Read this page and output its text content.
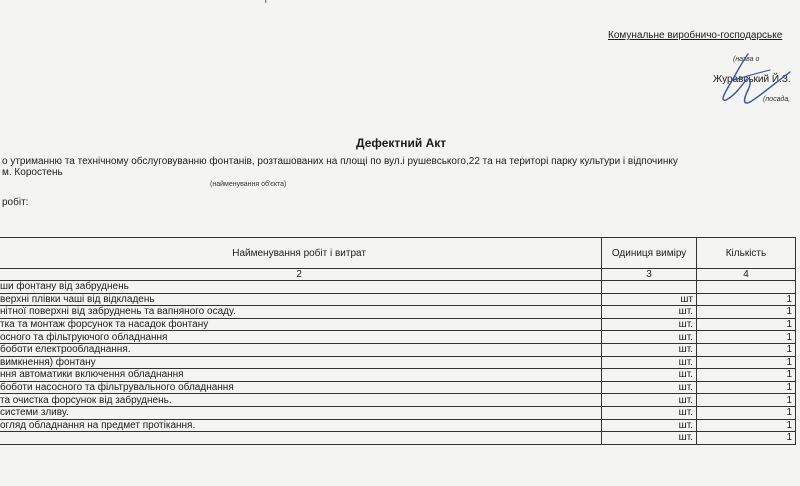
т
Комунальне виробничо-господарське
(назва о
Журавський Й.З.
(посада,
Дефектний Акт
о утриманню та технічному обслуговуванню фонтанів, розташованих на площі по вул.і рушевського,22 та на територі парку культури і відпочинку
м. Коростень
(найменування об'єкта)
робіт:
Найменування робіт і витрат	Одиниця виміру	Кількість
2	3	4
ши фонтану від забруднень		
верхні плівки чаші від відкладень	шт	1
нітної поверхні від забруднень та вапняного осаду.	шт.	1
тка та монтаж форсунок та насадок фонтану	шт.	1
осного та фільтруючого обладнання	шт.	1
боботи електрообладнання.	шт.	1
вимкнення) фонтану	шт.	1
ння автоматики включення обладнання	шт.	1
боботи насосного та фільтрувального обладнання	шт.	1
та очистка форсунок від забруднень.	шт.	1
системи зливу.	шт.	1
огляд обладнання на предмет протікання.	шт.	1
	шт.	1
